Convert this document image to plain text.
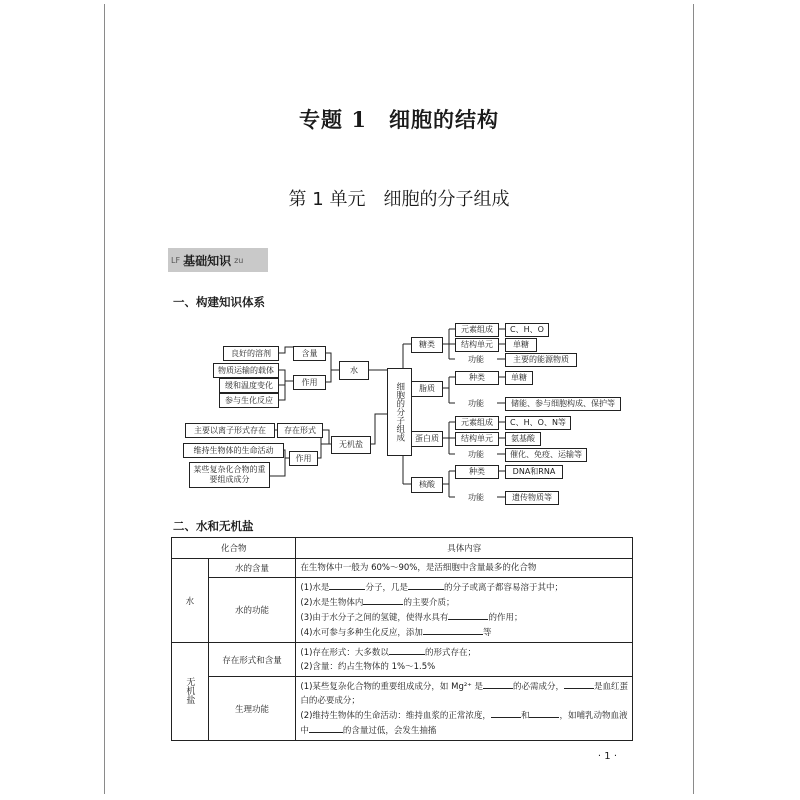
专题 1　细胞的结构
第 1 单元　细胞的分子组成
LF 基础知识 zu
一、构建知识体系
良好的溶剂
物质运输的载体
缓和温度变化
参与生化反应
含量
作用
水
主要以离子形式存在
维持生物体的生命活动
某些复杂化合物的重要组成成分
存在形式
作用
无机盐
细胞的分子组成
糖类
元素组成	C、H、O
结构单元	单糖
功能	主要的能源物质
脂质
种类	单糖
功能	储能、参与细胞构成、保护等
蛋白质
元素组成	C、H、O、N等
结构单元	氨基酸
功能	催化、免疫、运输等
核酸
种类	DNA和RNA
功能	遗传物质等
二、水和无机盐
化合物		具体内容
水	水的含量	在生物体中一般为 60%～90%，是活细胞中含量最多的化合物

	水的功能	(1)水是 分子，几是 的分子或离子都容易溶于其中；
(2)水是生物体内 的主要介质；
(3)由于水分子之间的氢键，使得水具有 的作用；
(4)水可参与多种生化反应，添加 等

无机盐	存在形式和含量	(1)存在形式：大多数以 的形式存在；
(2)含量：约占生物体的 1%～1.5%

	生理功能	(1)某些复杂化合物的重要组成成分，如 Mg²⁺ 是 的必需成分， 是血红蛋
白的必要成分；
(2)维持生物体的生命活动：维持血浆的正常浓度， 和 ，如哺乳动物血液
中 的含量过低，会发生抽搐
· 1 ·
